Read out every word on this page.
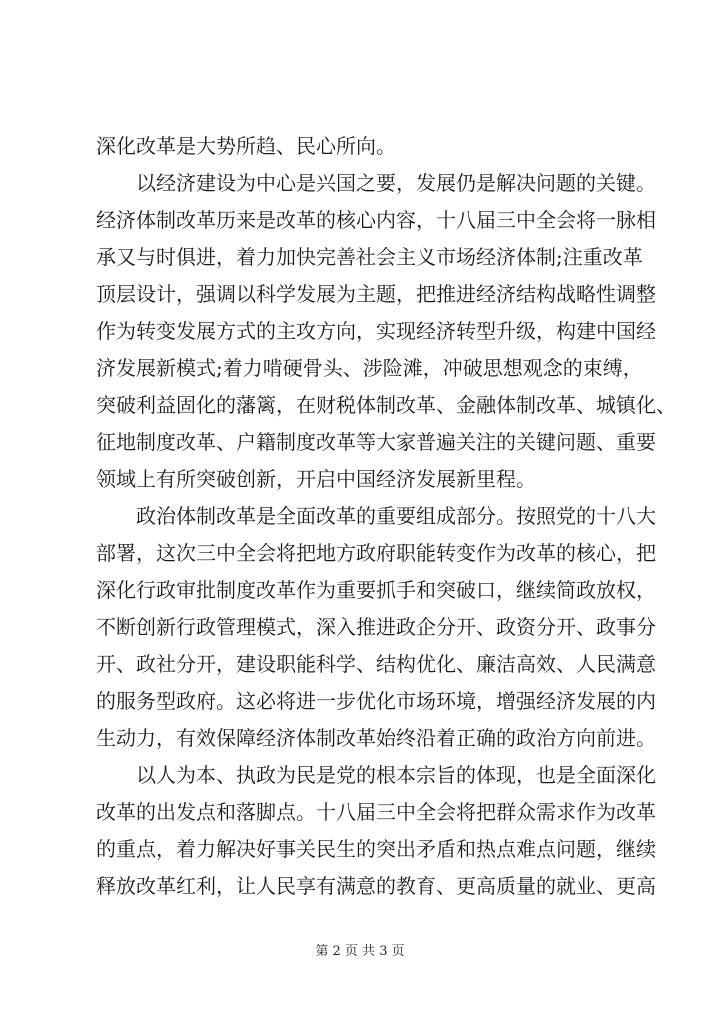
深化改革是大势所趋、民心所向。
　　以经济建设为中心是兴国之要，发展仍是解决问题的关键。
经济体制改革历来是改革的核心内容，十八届三中全会将一脉相
承又与时俱进，着力加快完善社会主义市场经济体制;注重改革
顶层设计，强调以科学发展为主题，把推进经济结构战略性调整
作为转变发展方式的主攻方向，实现经济转型升级，构建中国经
济发展新模式;着力啃硬骨头、涉险滩，冲破思想观念的束缚，
突破利益固化的藩篱，在财税体制改革、金融体制改革、城镇化、
征地制度改革、户籍制度改革等大家普遍关注的关键问题、重要
领域上有所突破创新，开启中国经济发展新里程。
　　政治体制改革是全面改革的重要组成部分。按照党的十八大
部署，这次三中全会将把地方政府职能转变作为改革的核心，把
深化行政审批制度改革作为重要抓手和突破口，继续简政放权，
不断创新行政管理模式，深入推进政企分开、政资分开、政事分
开、政社分开，建设职能科学、结构优化、廉洁高效、人民满意
的服务型政府。这必将进一步优化市场环境，增强经济发展的内
生动力，有效保障经济体制改革始终沿着正确的政治方向前进。
　　以人为本、执政为民是党的根本宗旨的体现，也是全面深化
改革的出发点和落脚点。十八届三中全会将把群众需求作为改革
的重点，着力解决好事关民生的突出矛盾和热点难点问题，继续
释放改革红利，让人民享有满意的教育、更高质量的就业、更高
第 2 页 共 3 页
